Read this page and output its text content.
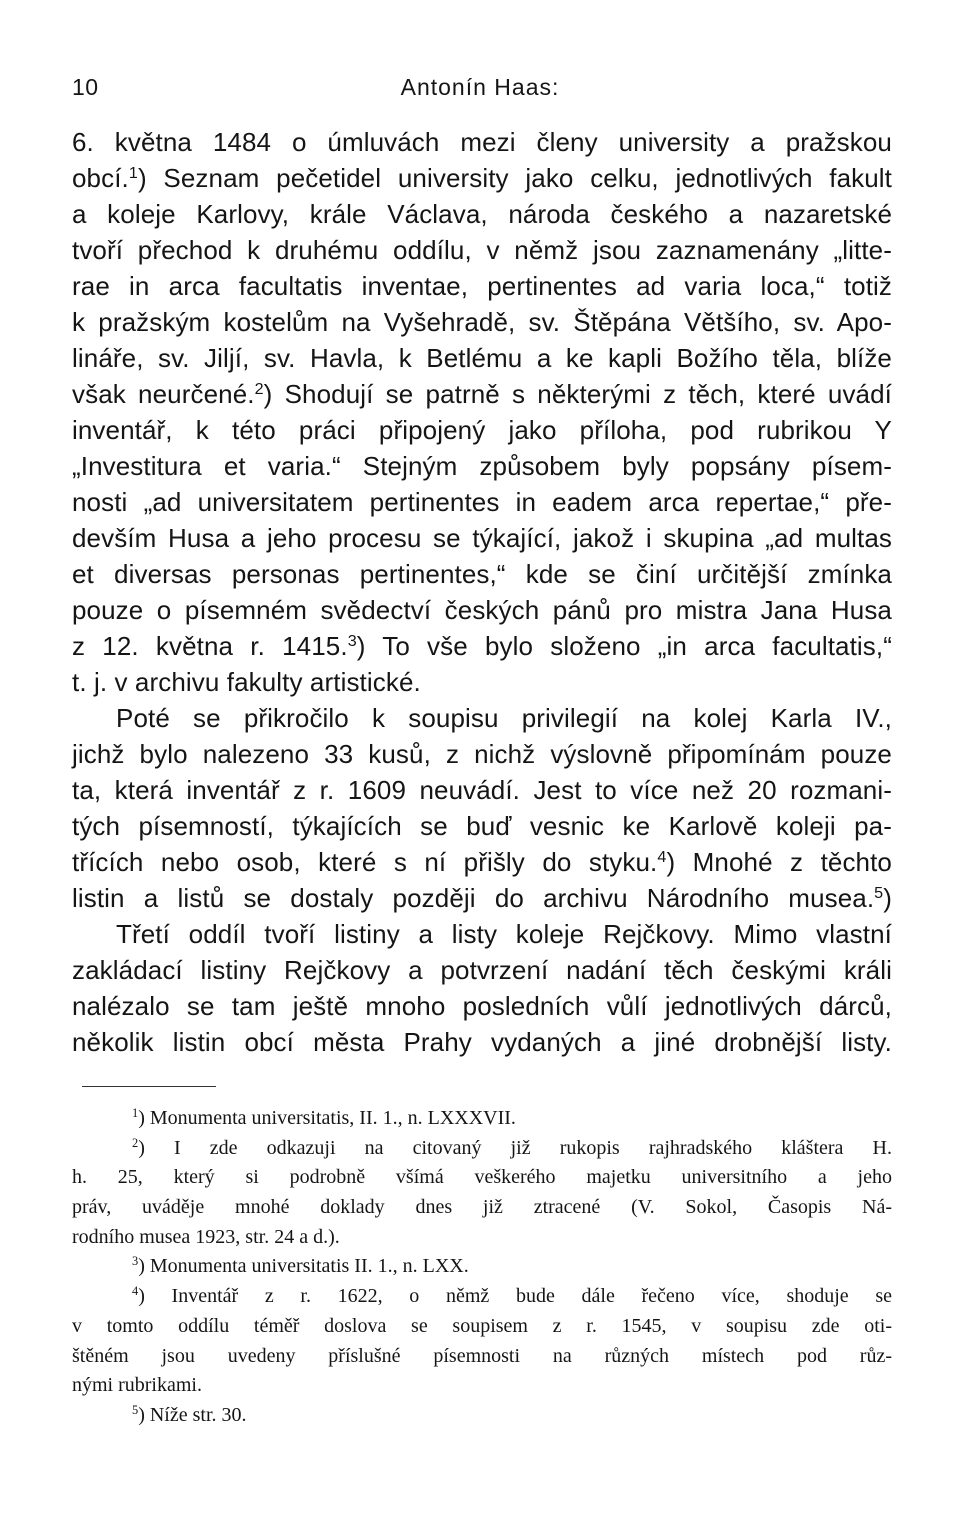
10	Antonín Haas:
6. května 1484 o úmluvách mezi členy university a pražskou
obcí.$^1$) Seznam pečetidel university jako celku, jednotlivých fakult
a koleje Karlovy, krále Václava, národa českého a nazaretské
tvoří přechod k druhému oddílu, v němž jsou zaznamenány „litte-
rae in arca facultatis inventae, pertinentes ad varia loca,“ totiž
k pražským kostelům na Vyšehradě, sv. Štěpána Většího, sv. Apo-
lináře, sv. Jiljí, sv. Havla, k Betlému a ke kapli Božího těla, blíže
však neurčené.$^2$) Shodují se patrně s některými z těch, které uvádí
inventář, k této práci připojený jako příloha, pod rubrikou Y
„Investitura et varia.“ Stejným způsobem byly popsány písem-
nosti „ad universitatem pertinentes in eadem arca repertae,“ pře-
devším Husa a jeho procesu se týkající, jakož i skupina „ad multas
et diversas personas pertinentes,“ kde se činí určitější zmínka
pouze o písemném svědectví českých pánů pro mistra Jana Husa
z 12. května r. 1415.$^3$) To vše bylo složeno „in arca facultatis,“
t. j. v archivu fakulty artistické.
Poté se přikročilo k soupisu privilegií na kolej Karla IV.,
jichž bylo nalezeno 33 kusů, z nichž výslovně připomínám pouze
ta, která inventář z r. 1609 neuvádí. Jest to více než 20 rozmani-
tých písemností, týkajících se buď vesnic ke Karlově koleji pa-
třících nebo osob, které s ní přišly do styku.$^4$) Mnohé z těchto
listin a listů se dostaly později do archivu Národního musea.$^5$)
Třetí oddíl tvoří listiny a listy koleje Rejčkovy. Mimo vlastní
zakládací listiny Rejčkovy a potvrzení nadání těch českými králi
nalézalo se tam ještě mnoho posledních vůlí jednotlivých dárců,
několik listin obcí města Prahy vydaných a jiné drobnější listy.
$^1$) Monumenta universitatis, II. 1., n. LXXXVII.
$^2$) I zde odkazuji na citovaný již rukopis rajhradského kláštera H.
h. 25, který si podrobně všímá veškerého majetku universitního a jeho
práv, uváděje mnohé doklady dnes již ztracené (V. Sokol, Časopis Ná-
rodního musea 1923, str. 24 a d.).
$^3$) Monumenta universitatis II. 1., n. LXX.
$^4$) Inventář z r. 1622, o němž bude dále řečeno více, shoduje se
v tomto oddílu téměř doslova se soupisem z r. 1545, v soupisu zde oti-
štěném jsou uvedeny příslušné písemnosti na různých místech pod růz-
nými rubrikami.
$^5$) Níže str. 30.
